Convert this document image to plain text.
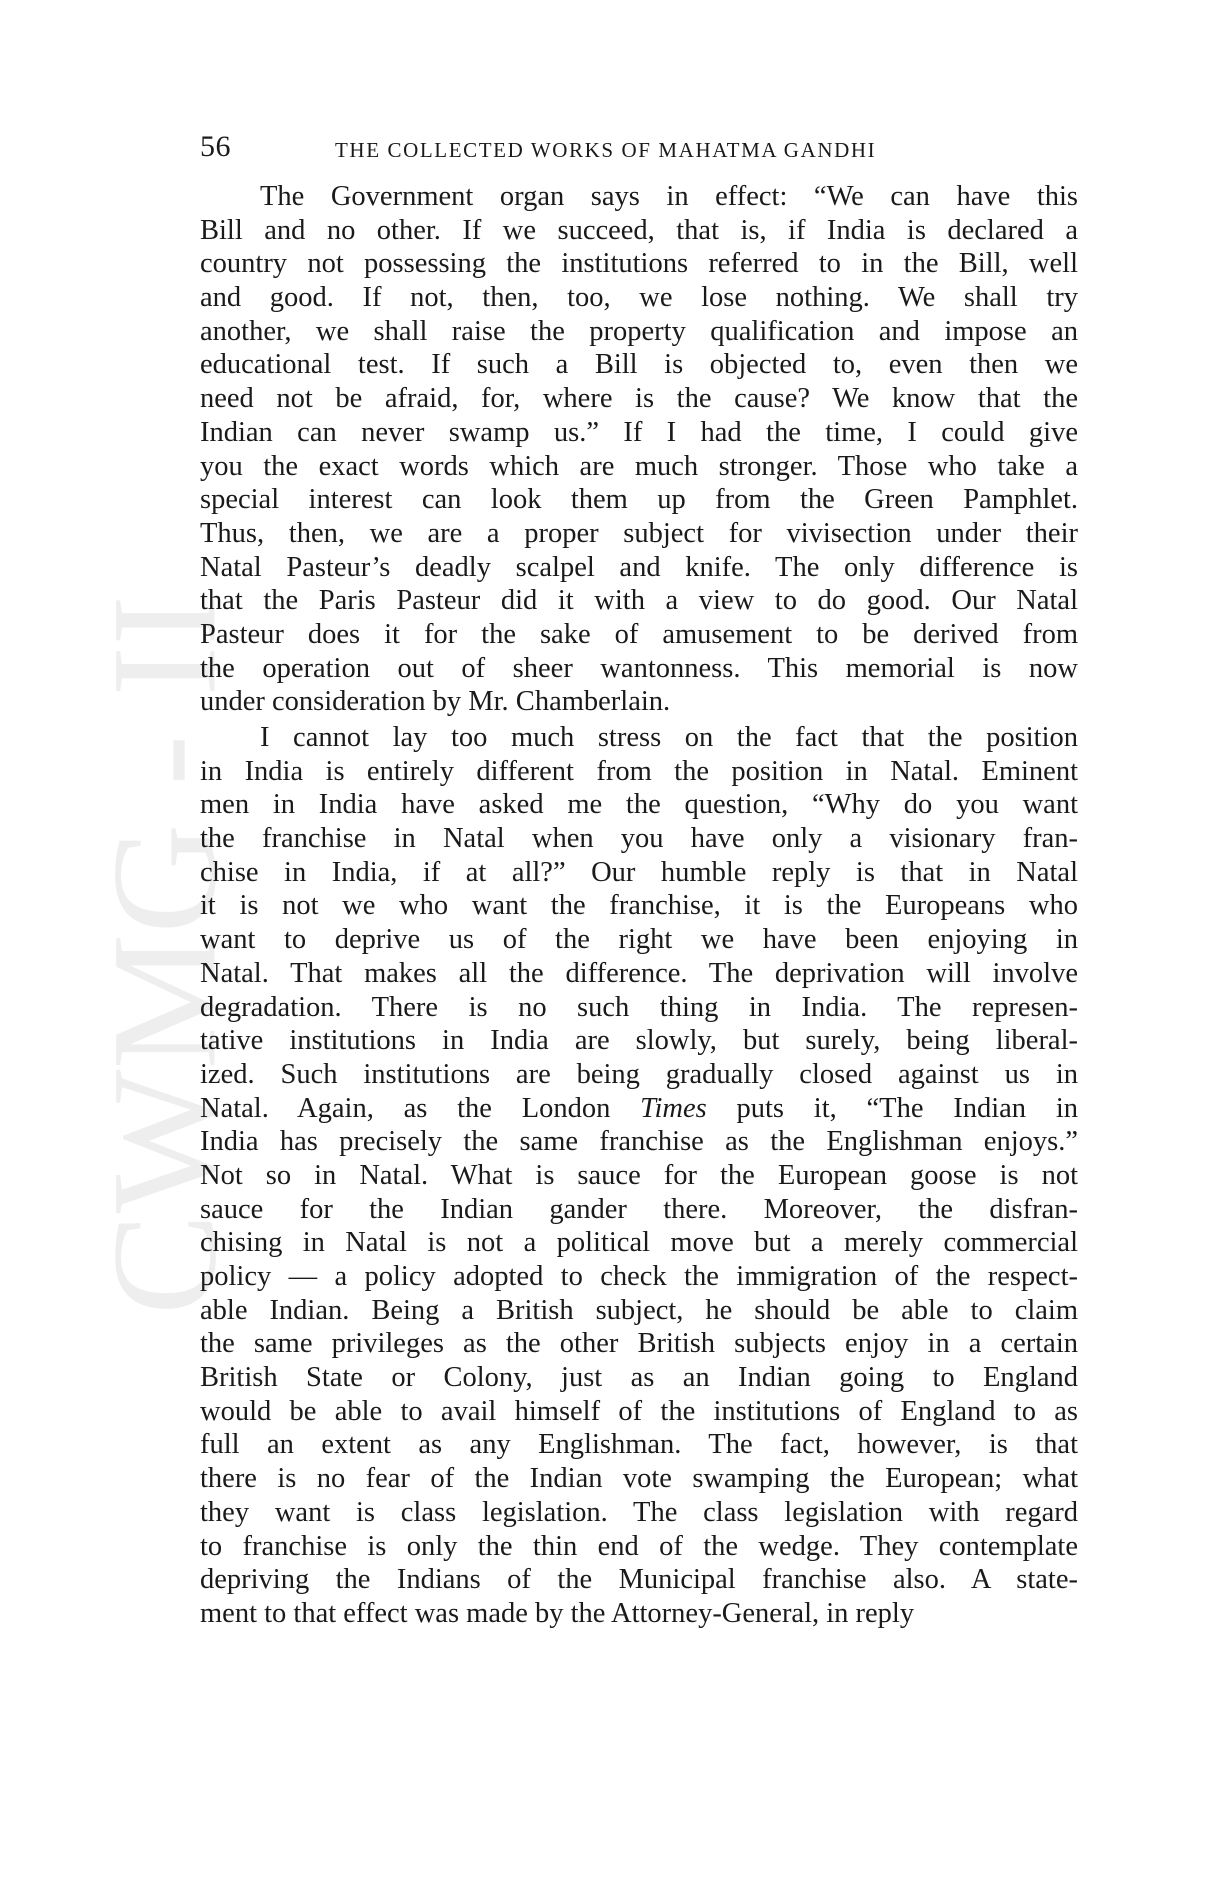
CWMG - II
56	THE COLLECTED WORKS OF MAHATMA GANDHI

The Government organ says in effect: “We can have this
Bill and no other. If we succeed, that is, if India is declared a
country not possessing the institutions referred to in the Bill, well
and good. If not, then, too, we lose nothing. We shall try
another, we shall raise the property qualification and impose an
educational test. If such a Bill is objected to, even then we
need not be afraid, for, where is the cause? We know that the
Indian can never swamp us.” If I had the time, I could give
you the exact words which are much stronger. Those who take a
special interest can look them up from the Green Pamphlet.
Thus, then, we are a proper subject for vivisection under their
Natal Pasteur’s deadly scalpel and knife. The only difference is
that the Paris Pasteur did it with a view to do good. Our Natal
Pasteur does it for the sake of amusement to be derived from
the operation out of sheer wantonness. This memorial is now
under consideration by Mr. Chamberlain.

I cannot lay too much stress on the fact that the position
in India is entirely different from the position in Natal. Eminent
men in India have asked me the question, “Why do you want
the franchise in Natal when you have only a visionary fran-
chise in India, if at all?” Our humble reply is that in Natal
it is not we who want the franchise, it is the Europeans who
want to deprive us of the right we have been enjoying in
Natal. That makes all the difference. The deprivation will involve
degradation. There is no such thing in India. The represen-
tative institutions in India are slowly, but surely, being liberal-
ized. Such institutions are being gradually closed against us in
Natal. Again, as the London Times puts it, “The Indian in
India has precisely the same franchise as the Englishman enjoys.”
Not so in Natal. What is sauce for the European goose is not
sauce for the Indian gander there. Moreover, the disfran-
chising in Natal is not a political move but a merely commercial
policy — a policy adopted to check the immigration of the respect-
able Indian. Being a British subject, he should be able to claim
the same privileges as the other British subjects enjoy in a certain
British State or Colony, just as an Indian going to England
would be able to avail himself of the institutions of England to as
full an extent as any Englishman. The fact, however, is that
there is no fear of the Indian vote swamping the European; what
they want is class legislation. The class legislation with regard
to franchise is only the thin end of the wedge. They contemplate
depriving the Indians of the Municipal franchise also. A state-
ment to that effect was made by the Attorney-General, in reply
